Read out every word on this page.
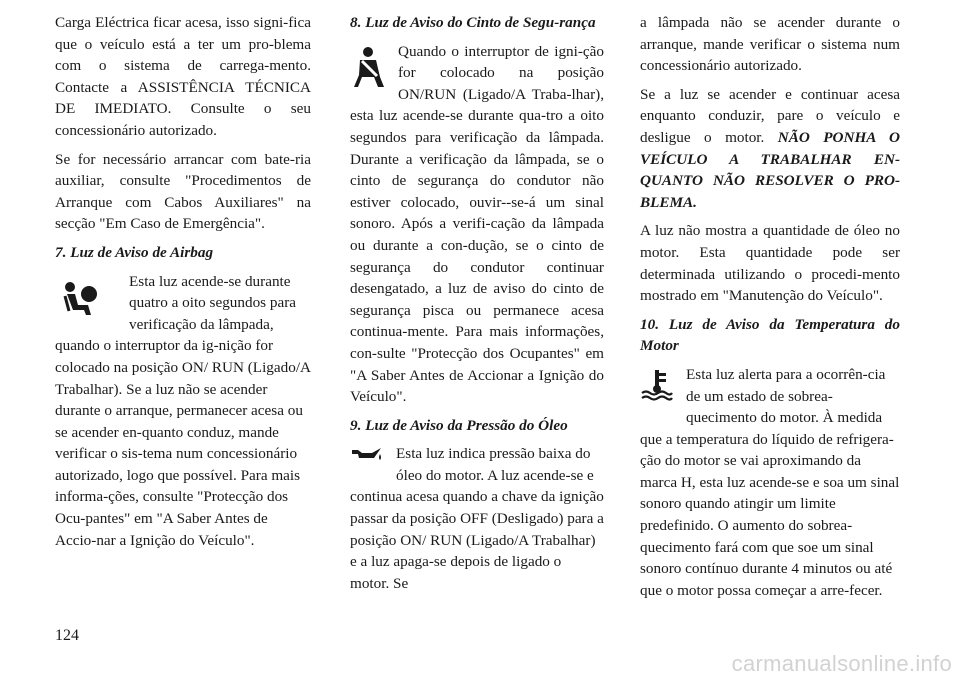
Carga Eléctrica ficar acesa, isso signi-fica que o veículo está a ter um pro-blema com o sistema de carrega-mento. Contacte a ASSISTÊNCIA TÉCNICA DE IMEDIATO. Consulte o seu concessionário autorizado.

Se for necessário arrancar com bate-ria auxiliar, consulte "Procedimentos de Arranque com Cabos Auxiliares" na secção "Em Caso de Emergência".

7. Luz de Aviso de Airbag

Esta luz acende-se durante quatro a oito segundos para verificação da lâmpada, quando o interruptor da ig-nição for colocado na posição ON/ RUN (Ligado/A Trabalhar). Se a luz não se acender durante o arranque, permanecer acesa ou se acender en-quanto conduz, mande verificar o sis-tema num concessionário autorizado, logo que possível. Para mais informa-ções, consulte "Protecção dos Ocu-pantes" em "A Saber Antes de Accio-nar a Ignição do Veículo".

8. Luz de Aviso do Cinto de Segu-rança

Quando o interruptor de igni-ção for colocado na posição ON/RUN (Ligado/A Traba-lhar), esta luz acende-se durante qua-tro a oito segundos para verificação da lâmpada. Durante a verificação da lâmpada, se o cinto de segurança do condutor não estiver colocado, ouvir--se-á um sinal sonoro. Após a verifi-cação da lâmpada ou durante a con-dução, se o cinto de segurança do condutor continuar desengatado, a luz de aviso do cinto de segurança pisca ou permanece acesa continua-mente. Para mais informações, con-sulte "Protecção dos Ocupantes" em "A Saber Antes de Accionar a Ignição do Veículo".

9. Luz de Aviso da Pressão do Óleo

Esta luz indica pressão baixa do óleo do motor. A luz acende-se e continua acesa quando a chave da ignição passar da posição OFF (Desligado) para a posição ON/ RUN (Ligado/A Trabalhar) e a luz apaga-se depois de ligado o motor. Se

a lâmpada não se acender durante o arranque, mande verificar o sistema num concessionário autorizado.

Se a luz se acender e continuar acesa enquanto conduzir, pare o veículo e desligue o motor. NÃO PONHA O VEÍCULO A TRABALHAR EN-QUANTO NÃO RESOLVER O PRO-BLEMA.

A luz não mostra a quantidade de óleo no motor. Esta quantidade pode ser determinada utilizando o procedi-mento mostrado em "Manutenção do Veículo".

10. Luz de Aviso da Temperatura do Motor

Esta luz alerta para a ocorrên-cia de um estado de sobrea-quecimento do motor. À medida que a temperatura do líquido de refrigera-ção do motor se vai aproximando da marca H, esta luz acende-se e soa um sinal sonoro quando atingir um limite predefinido. O aumento do sobrea-quecimento fará com que soe um sinal sonoro contínuo durante 4 minutos ou até que o motor possa começar a arre-fecer.

124
carmanualsonline.info
